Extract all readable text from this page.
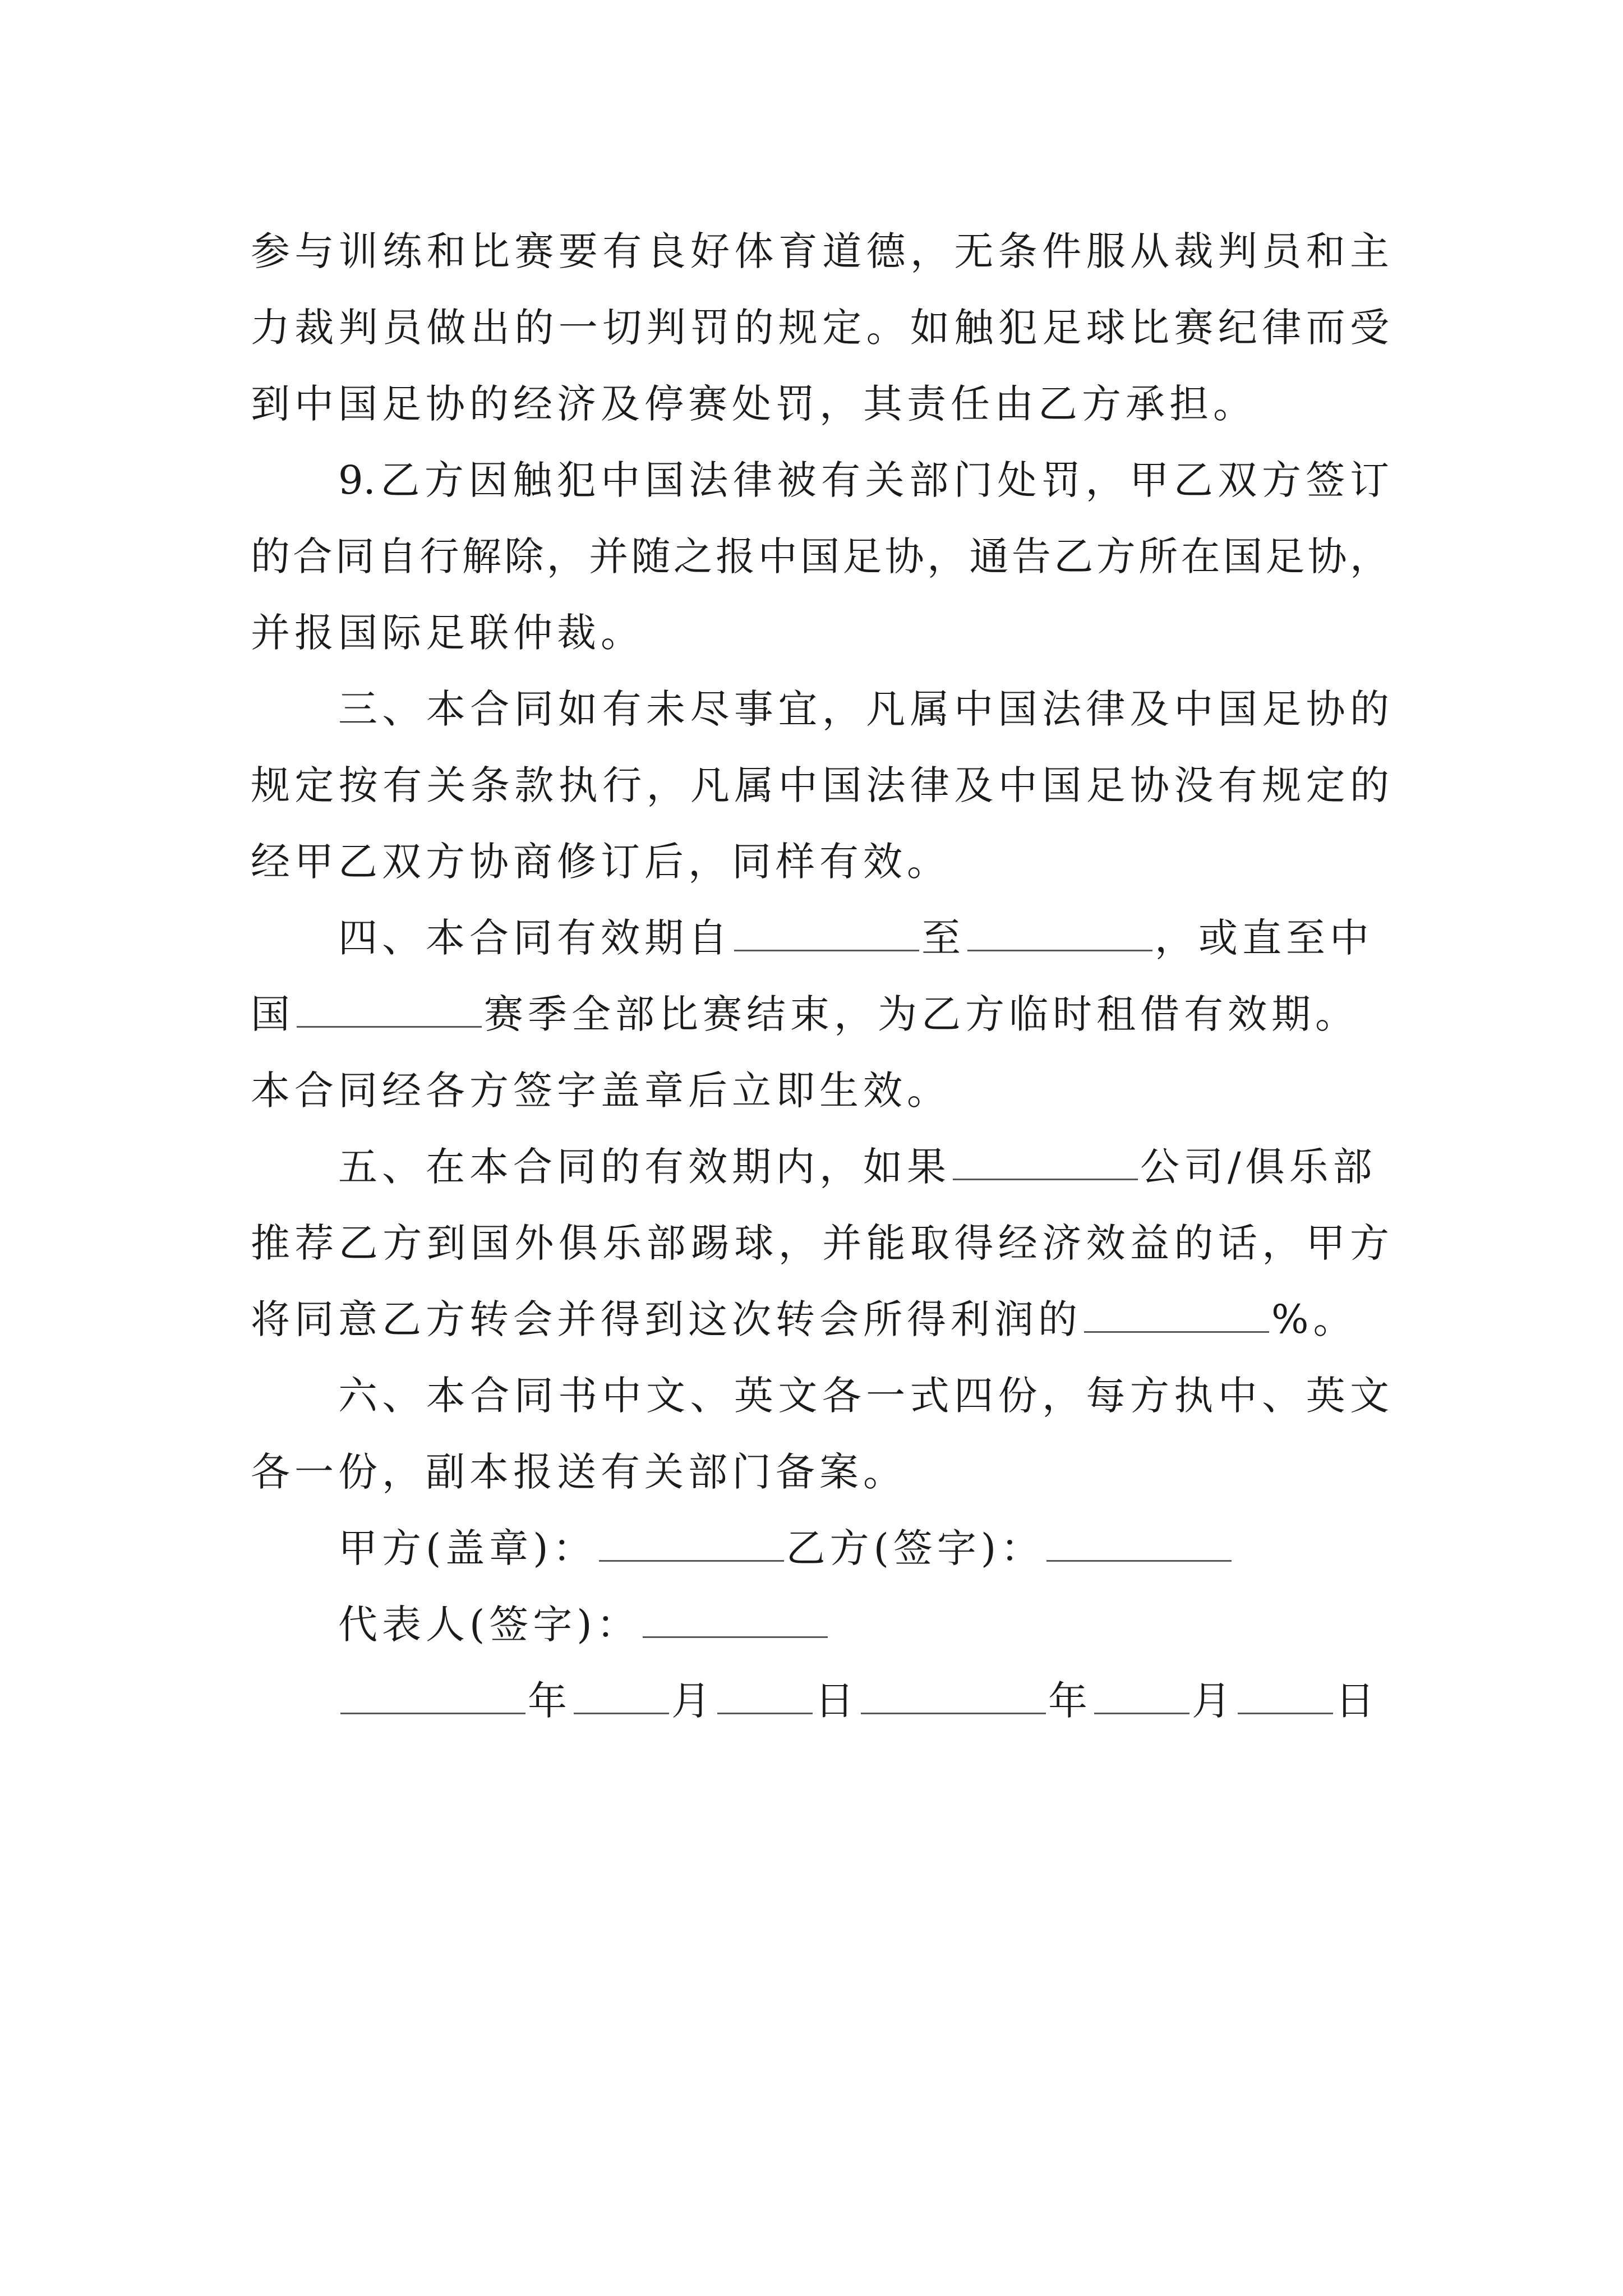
参与训练和比赛要有良好体育道德，无条件服从裁判员和主
力裁判员做出的一切判罚的规定。如触犯足球比赛纪律而受
到中国足协的经济及停赛处罚，其责任由乙方承担。
9.乙方因触犯中国法律被有关部门处罚，甲乙双方签订
的合同自行解除，并随之报中国足协，通告乙方所在国足协，
并报国际足联仲裁。
三、本合同如有未尽事宜，凡属中国法律及中国足协的
规定按有关条款执行，凡属中国法律及中国足协没有规定的
经甲乙双方协商修订后，同样有效。
四、本合同有效期自	至	，或直至中
国	赛季全部比赛结束，为乙方临时租借有效期。
本合同经各方签字盖章后立即生效。
五、在本合同的有效期内，如果	公司/俱乐部
推荐乙方到国外俱乐部踢球，并能取得经济效益的话，甲方
将同意乙方转会并得到这次转会所得利润的	%。
六、本合同书中文、英文各一式四份，每方执中、英文
各一份，副本报送有关部门备案。
甲方(盖章)：	乙方(签字)：
代表人(签字)：
年	月	日	年	月	日
